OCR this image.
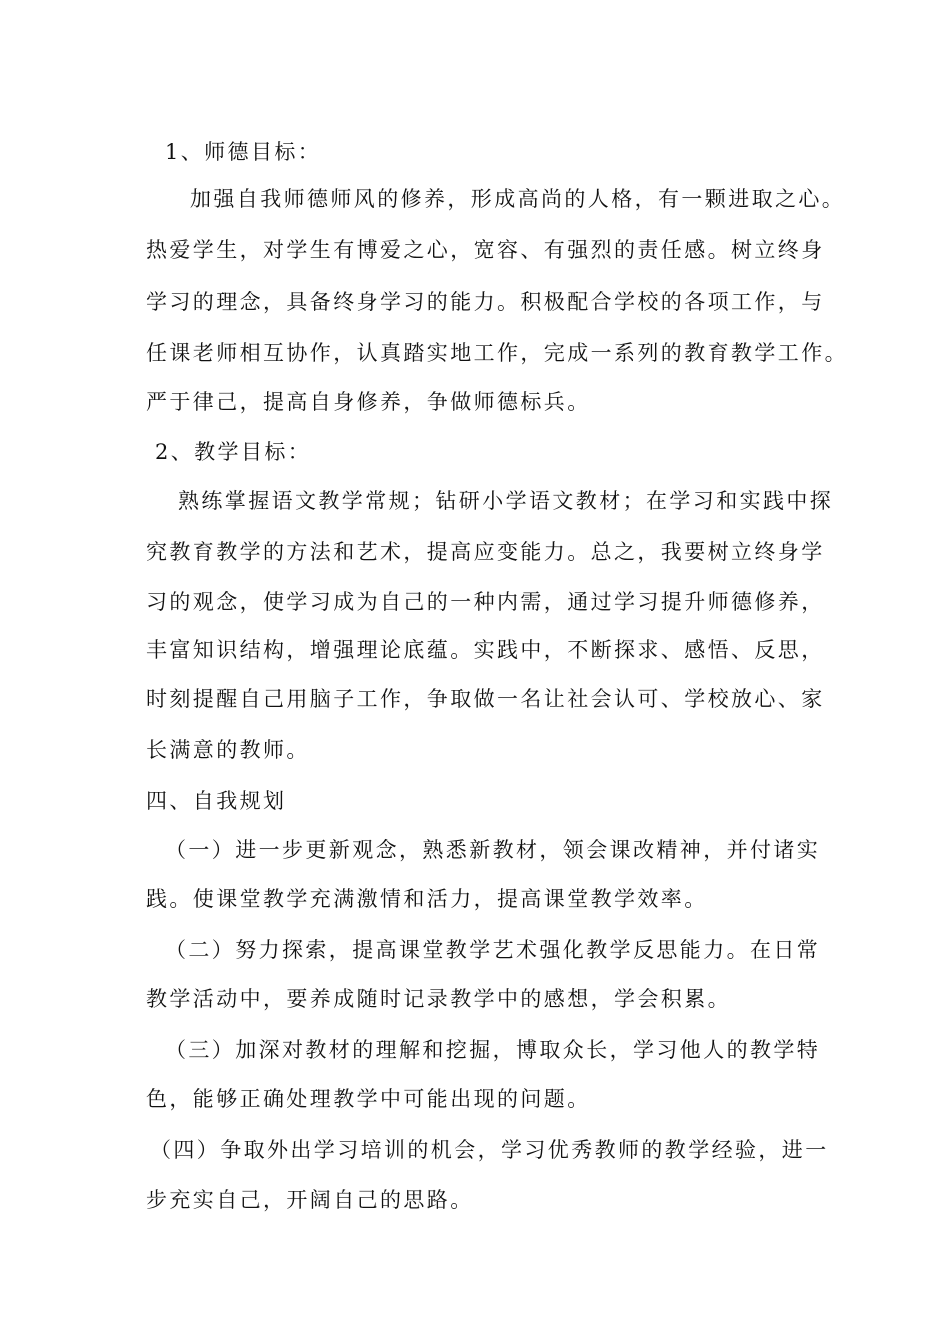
1、师德目标：
加强自我师德师风的修养，形成高尚的人格，有一颗进取之心。
热爱学生，对学生有博爱之心，宽容、有强烈的责任感。树立终身
学习的理念，具备终身学习的能力。积极配合学校的各项工作，与
任课老师相互协作，认真踏实地工作，完成一系列的教育教学工作。
严于律己，提高自身修养，争做师德标兵。
2、教学目标：
熟练掌握语文教学常规；钻研小学语文教材；在学习和实践中探
究教育教学的方法和艺术，提高应变能力。总之，我要树立终身学
习的观念，使学习成为自己的一种内需，通过学习提升师德修养，
丰富知识结构，增强理论底蕴。实践中，不断探求、感悟、反思，
时刻提醒自己用脑子工作，争取做一名让社会认可、学校放心、家
长满意的教师。
四、自我规划
（一）进一步更新观念，熟悉新教材，领会课改精神，并付诸实
践。使课堂教学充满激情和活力，提高课堂教学效率。
（二）努力探索，提高课堂教学艺术强化教学反思能力。在日常
教学活动中，要养成随时记录教学中的感想，学会积累。
（三）加深对教材的理解和挖掘，博取众长，学习他人的教学特
色，能够正确处理教学中可能出现的问题。
（四）争取外出学习培训的机会，学习优秀教师的教学经验，进一
步充实自己，开阔自己的思路。
